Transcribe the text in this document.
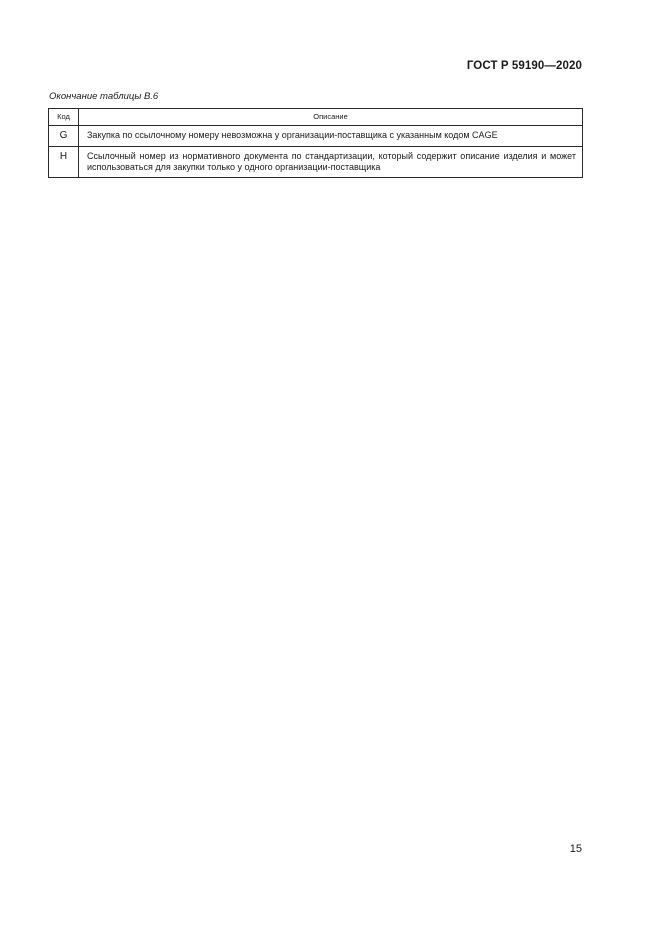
ГОСТ Р 59190—2020
Окончание таблицы В.6
Код	Описание
G	Закупка по ссылочному номеру невозможна у организации-поставщика с указанным кодом CAGE
H	Ссылочный номер из нормативного документа по стандартизации, который содержит описание изделия и может использоваться для закупки только у одного организации-поставщика
15
